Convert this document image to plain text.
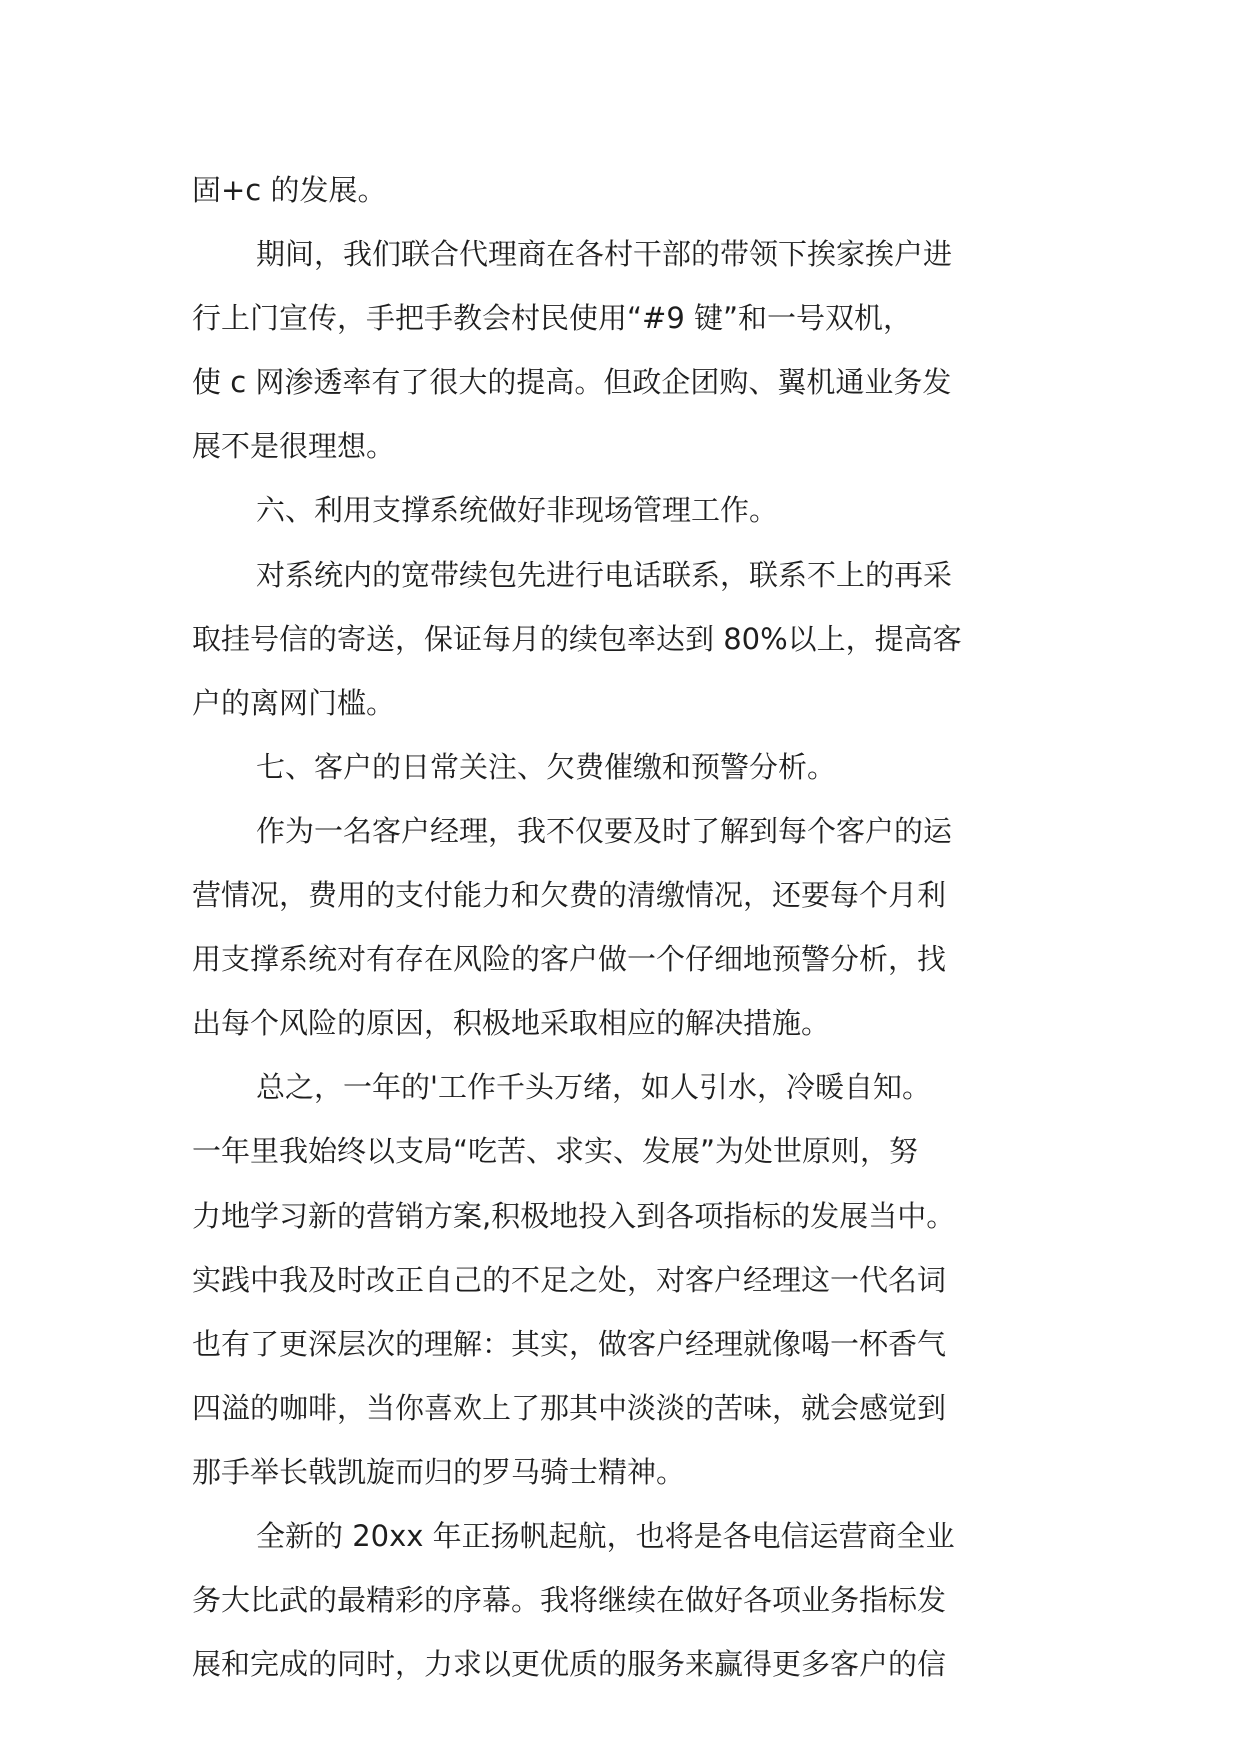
固+c 的发展。
期间，我们联合代理商在各村干部的带领下挨家挨户进
行上门宣传，手把手教会村民使用“#9 键”和一号双机，
使 c 网渗透率有了很大的提高。但政企团购、翼机通业务发
展不是很理想。
六、利用支撑系统做好非现场管理工作。
对系统内的宽带续包先进行电话联系，联系不上的再采
取挂号信的寄送，保证每月的续包率达到 80%以上，提高客
户的离网门槛。
七、客户的日常关注、欠费催缴和预警分析。
作为一名客户经理，我不仅要及时了解到每个客户的运
营情况，费用的支付能力和欠费的清缴情况，还要每个月利
用支撑系统对有存在风险的客户做一个仔细地预警分析，找
出每个风险的原因，积极地采取相应的解决措施。
总之，一年的'工作千头万绪，如人引水，冷暖自知。
一年里我始终以支局“吃苦、求实、发展”为处世原则，努
力地学习新的营销方案,积极地投入到各项指标的发展当中。
实践中我及时改正自己的不足之处，对客户经理这一代名词
也有了更深层次的理解：其实，做客户经理就像喝一杯香气
四溢的咖啡，当你喜欢上了那其中淡淡的苦味，就会感觉到
那手举长戟凯旋而归的罗马骑士精神。
全新的 20xx 年正扬帆起航，也将是各电信运营商全业
务大比武的最精彩的序幕。我将继续在做好各项业务指标发
展和完成的同时，力求以更优质的服务来赢得更多客户的信
